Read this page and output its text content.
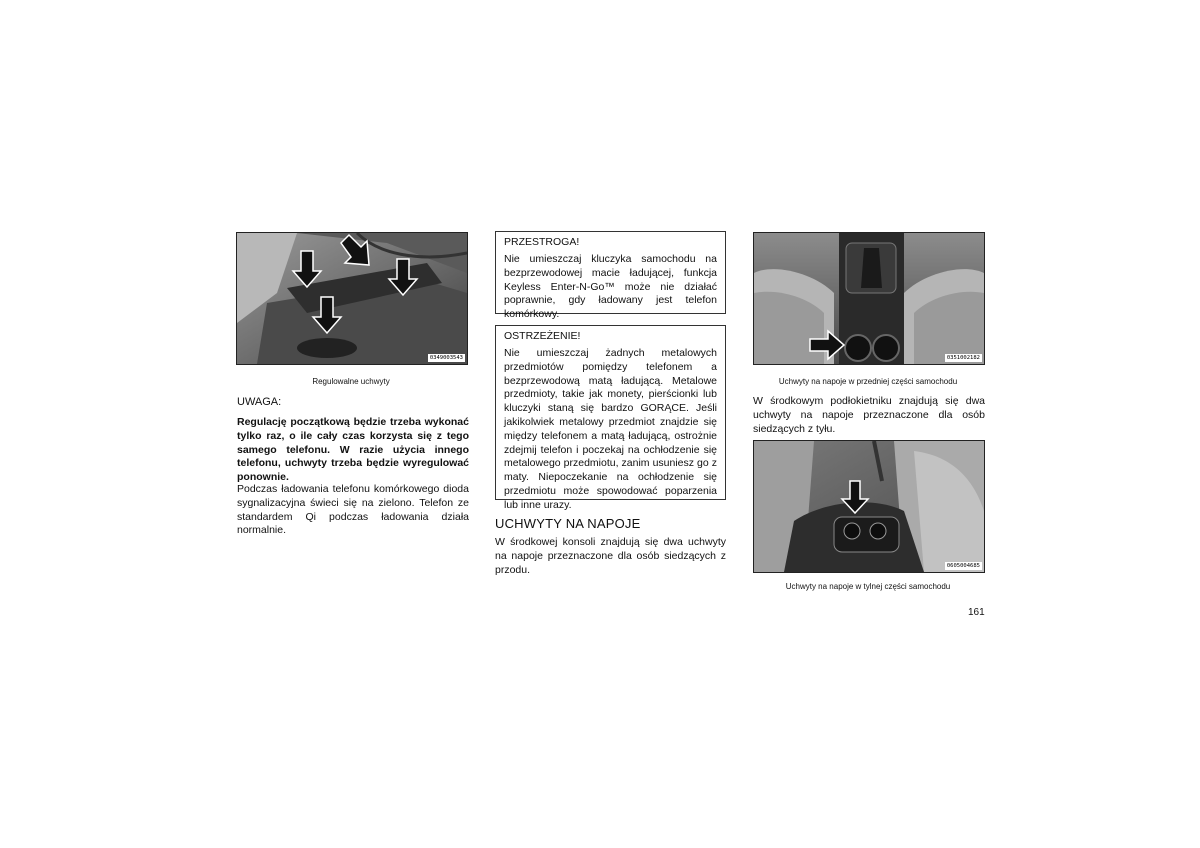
0349003543
Regulowalne uchwyty
UWAGA:
Regulację początkową będzie trzeba wykonać tylko raz, o ile cały czas korzysta się z tego samego telefonu. W razie użycia innego telefonu, uchwyty trzeba będzie wyregulować ponownie.
Podczas ładowania telefonu komórkowego dioda sygnalizacyjna świeci się na zielono. Telefon ze standardem Qi podczas ładowania działa normalnie.
PRZESTROGA!
Nie umieszczaj kluczyka samochodu na bezprzewodowej macie ładującej, funkcja Keyless Enter-N-Go™ może nie działać poprawnie, gdy ładowany jest telefon komórkowy.
OSTRZEŻENIE!
Nie umieszczaj żadnych metalowych przedmiotów pomiędzy telefonem a bezprzewodową matą ładującą. Metalowe przedmioty, takie jak monety, pierścionki lub kluczyki staną się bardzo GORĄCE. Jeśli jakikolwiek metalowy przedmiot znajdzie się między telefonem a matą ładującą, ostrożnie zdejmij telefon i poczekaj na ochłodzenie się metalowego przedmiotu, zanim usuniesz go z maty. Niepoczekanie na ochłodzenie się przedmiotu może spowodować poparzenia lub inne urazy.
UCHWYTY NA NAPOJE
W środkowej konsoli znajdują się dwa uchwyty na napoje przeznaczone dla osób siedzących z przodu.
0351002182
Uchwyty na napoje w przedniej części samochodu
W środkowym podłokietniku znajdują się dwa uchwyty na napoje przeznaczone dla osób siedzących z tyłu.
0605004685
Uchwyty na napoje w tylnej części samochodu
161
